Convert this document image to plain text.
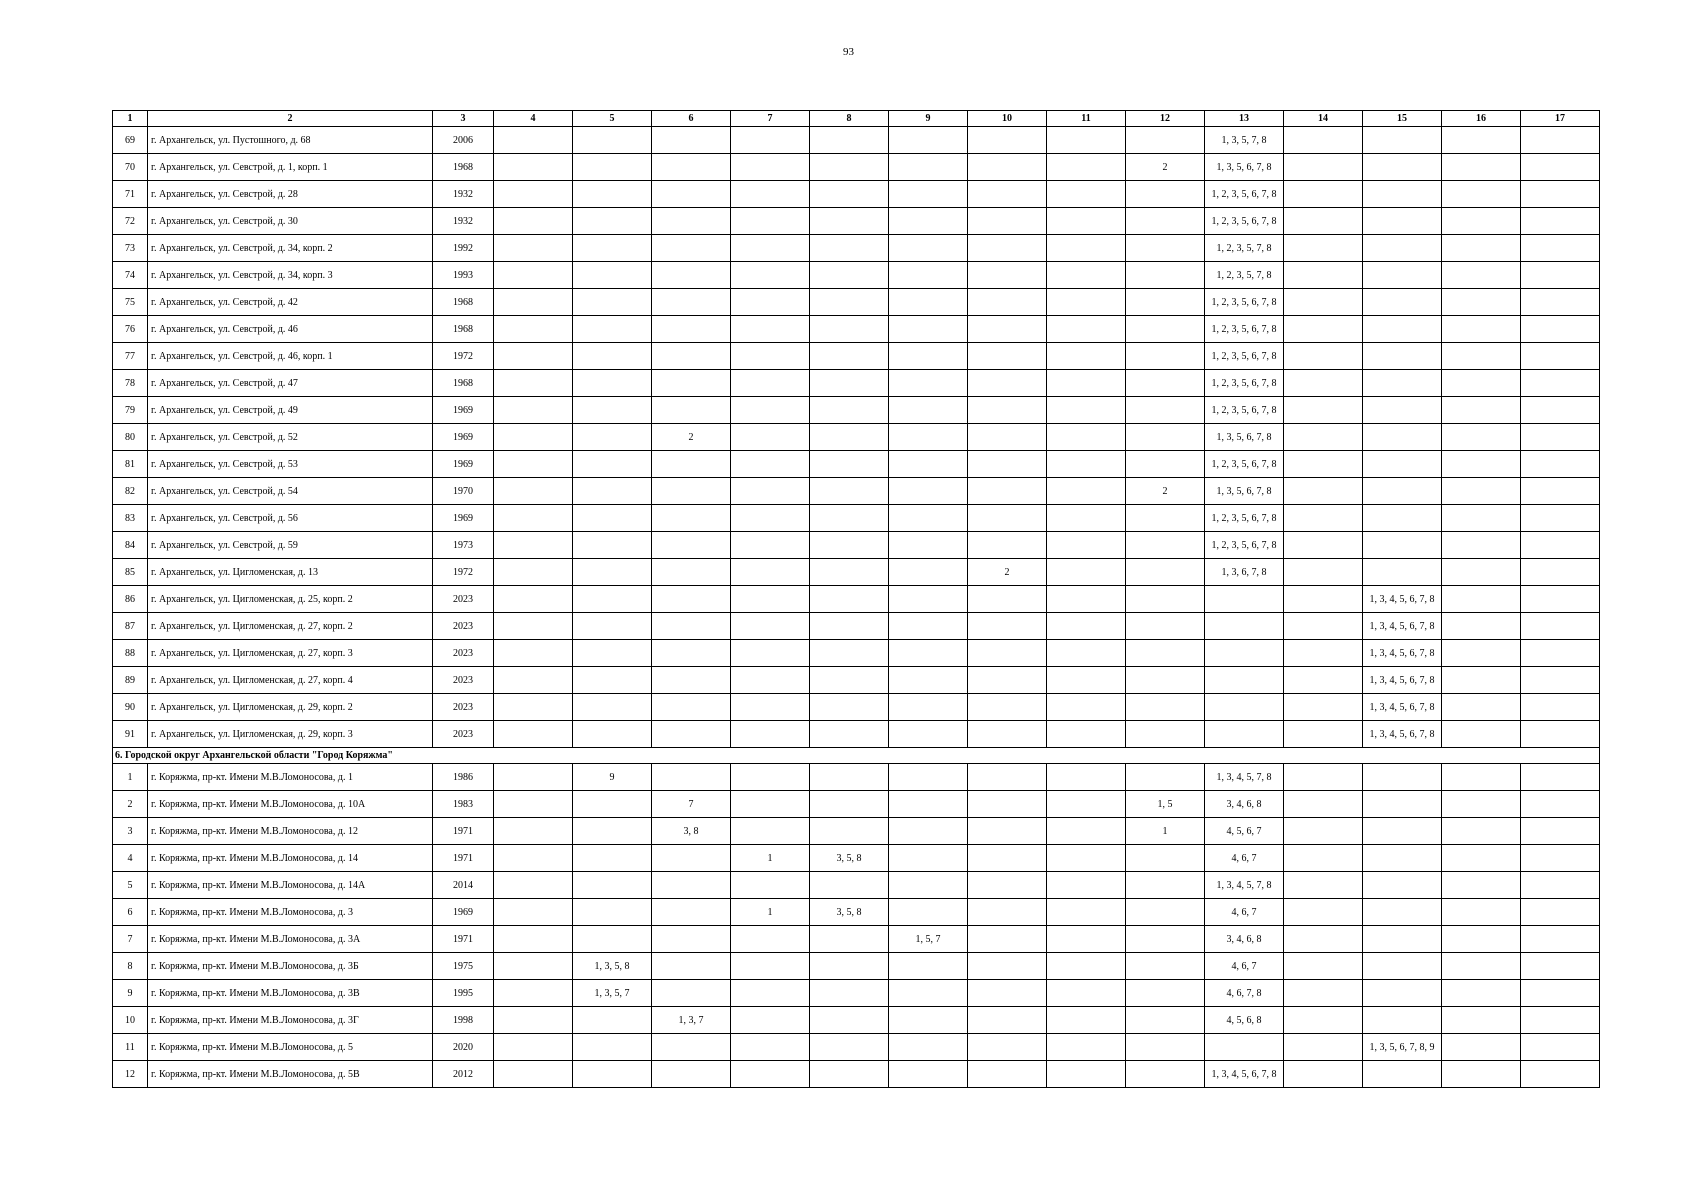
93
1	2	3	4	5	6	7	8	9	10	11	12	13	14	15	16	17
69	г. Архангельск, ул. Пустошного, д. 68	2006										1, 3, 5, 7, 8				
70	г. Архангельск, ул. Севстрой, д. 1, корп. 1	1968									2	1, 3, 5, 6, 7, 8				
71	г. Архангельск, ул. Севстрой, д. 28	1932										1, 2, 3, 5, 6, 7, 8				
72	г. Архангельск, ул. Севстрой, д. 30	1932										1, 2, 3, 5, 6, 7, 8				
73	г. Архангельск, ул. Севстрой, д. 34, корп. 2	1992										1, 2, 3, 5, 7, 8				
74	г. Архангельск, ул. Севстрой, д. 34, корп. 3	1993										1, 2, 3, 5, 7, 8				
75	г. Архангельск, ул. Севстрой, д. 42	1968										1, 2, 3, 5, 6, 7, 8				
76	г. Архангельск, ул. Севстрой, д. 46	1968										1, 2, 3, 5, 6, 7, 8				
77	г. Архангельск, ул. Севстрой, д. 46, корп. 1	1972										1, 2, 3, 5, 6, 7, 8				
78	г. Архангельск, ул. Севстрой, д. 47	1968										1, 2, 3, 5, 6, 7, 8				
79	г. Архангельск, ул. Севстрой, д. 49	1969										1, 2, 3, 5, 6, 7, 8				
80	г. Архангельск, ул. Севстрой, д. 52	1969			2							1, 3, 5, 6, 7, 8				
81	г. Архангельск, ул. Севстрой, д. 53	1969										1, 2, 3, 5, 6, 7, 8				
82	г. Архангельск, ул. Севстрой, д. 54	1970									2	1, 3, 5, 6, 7, 8				
83	г. Архангельск, ул. Севстрой, д. 56	1969										1, 2, 3, 5, 6, 7, 8				
84	г. Архангельск, ул. Севстрой, д. 59	1973										1, 2, 3, 5, 6, 7, 8				
85	г. Архангельск, ул. Цигломенская, д. 13	1972							2			1, 3, 6, 7, 8				
86	г. Архангельск, ул. Цигломенская, д. 25, корп. 2	2023												1, 3, 4, 5, 6, 7, 8		
87	г. Архангельск, ул. Цигломенская, д. 27, корп. 2	2023												1, 3, 4, 5, 6, 7, 8		
88	г. Архангельск, ул. Цигломенская, д. 27, корп. 3	2023												1, 3, 4, 5, 6, 7, 8		
89	г. Архангельск, ул. Цигломенская, д. 27, корп. 4	2023												1, 3, 4, 5, 6, 7, 8		
90	г. Архангельск, ул. Цигломенская, д. 29, корп. 2	2023												1, 3, 4, 5, 6, 7, 8		
91	г. Архангельск, ул. Цигломенская, д. 29, корп. 3	2023												1, 3, 4, 5, 6, 7, 8		
6. Городской округ Архангельской области "Город Коряжма"																
1	г. Коряжма, пр-кт. Имени М.В.Ломоносова, д. 1	1986		9								1, 3, 4, 5, 7, 8				
2	г. Коряжма, пр-кт. Имени М.В.Ломоносова, д. 10А	1983			7						1, 5	3, 4, 6, 8				
3	г. Коряжма, пр-кт. Имени М.В.Ломоносова, д. 12	1971			3, 8						1	4, 5, 6, 7				
4	г. Коряжма, пр-кт. Имени М.В.Ломоносова, д. 14	1971				1	3, 5, 8					4, 6, 7				
5	г. Коряжма, пр-кт. Имени М.В.Ломоносова, д. 14А	2014										1, 3, 4, 5, 7, 8				
6	г. Коряжма, пр-кт. Имени М.В.Ломоносова, д. 3	1969				1	3, 5, 8					4, 6, 7				
7	г. Коряжма, пр-кт. Имени М.В.Ломоносова, д. 3А	1971						1, 5, 7				3, 4, 6, 8				
8	г. Коряжма, пр-кт. Имени М.В.Ломоносова, д. 3Б	1975		1, 3, 5, 8								4, 6, 7				
9	г. Коряжма, пр-кт. Имени М.В.Ломоносова, д. 3В	1995		1, 3, 5, 7								4, 6, 7, 8				
10	г. Коряжма, пр-кт. Имени М.В.Ломоносова, д. 3Г	1998			1, 3, 7							4, 5, 6, 8				
11	г. Коряжма, пр-кт. Имени М.В.Ломоносова, д. 5	2020												1, 3, 5, 6, 7, 8, 9		
12	г. Коряжма, пр-кт. Имени М.В.Ломоносова, д. 5В	2012										1, 3, 4, 5, 6, 7, 8				
